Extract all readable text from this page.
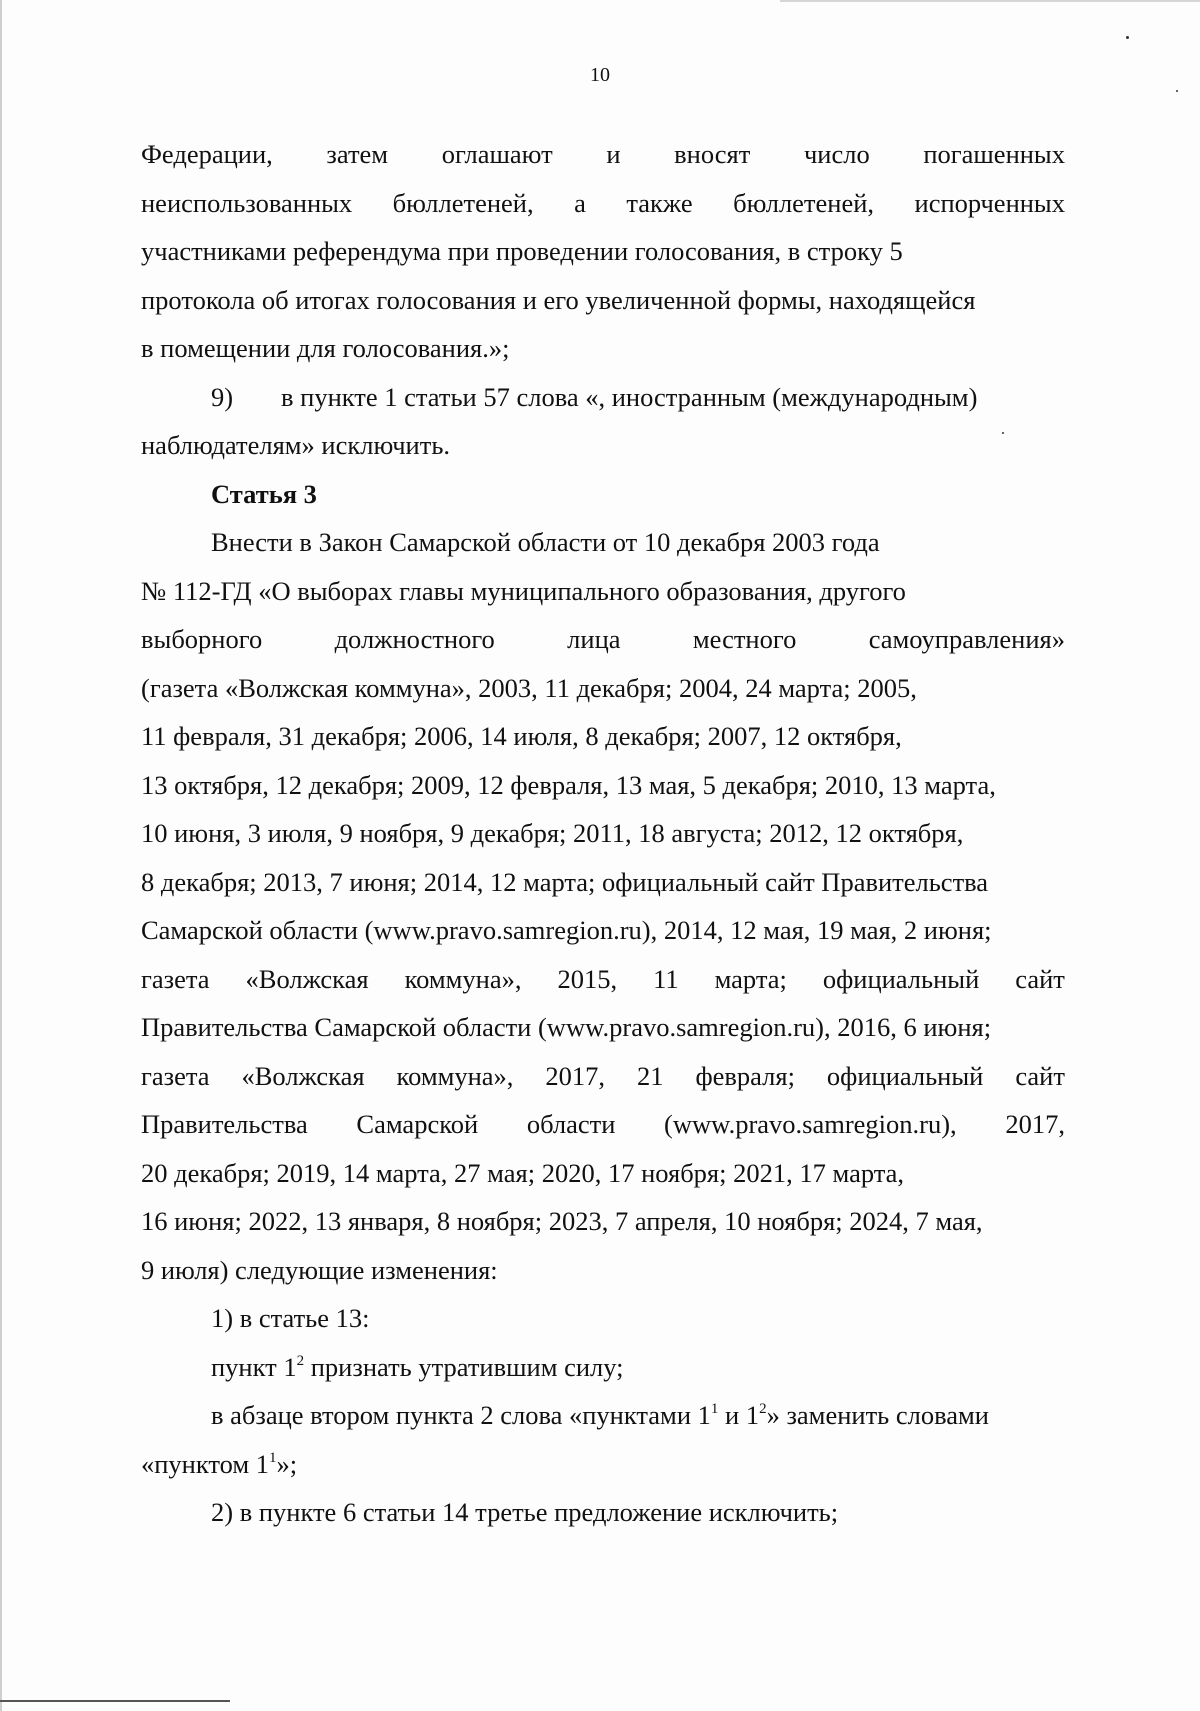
10
Федерации, затем оглашают и вносят число погашенных
неиспользованных бюллетеней, а также бюллетеней, испорченных
участниками референдума при проведении голосования, в строку 5
протокола об итогах голосования и его увеличенной формы, находящейся
в помещении для голосования.»;
9) в пункте 1 статьи 57 слова «, иностранным (международным)
наблюдателям» исключить.
Статья 3
Внести в Закон Самарской области от 10 декабря 2003 года
№ 112-ГД «О выборах главы муниципального образования, другого
выборного	должностного	лица	местного	самоуправления»
(газета «Волжская коммуна», 2003, 11 декабря; 2004, 24 марта; 2005,
11 февраля, 31 декабря; 2006, 14 июля, 8 декабря; 2007, 12 октября,
13 октября, 12 декабря; 2009, 12 февраля, 13 мая, 5 декабря; 2010, 13 марта,
10 июня, 3 июля, 9 ноября, 9 декабря; 2011, 18 августа; 2012, 12 октября,
8 декабря; 2013, 7 июня; 2014, 12 марта; официальный сайт Правительства
Самарской области (www.pravo.samregion.ru), 2014, 12 мая, 19 мая, 2 июня;
газета «Волжская коммуна», 2015, 11 марта; официальный сайт
Правительства Самарской области (www.pravo.samregion.ru), 2016, 6 июня;
газета «Волжская коммуна», 2017, 21 февраля; официальный сайт
Правительства Самарской области (www.pravo.samregion.ru), 2017,
20 декабря; 2019, 14 марта, 27 мая; 2020, 17 ноября; 2021, 17 марта,
16 июня; 2022, 13 января, 8 ноября; 2023, 7 апреля, 10 ноября; 2024, 7 мая,
9 июля) следующие изменения:
1) в статье 13:
пункт $1^2$ признать утратившим силу;
в абзаце втором пункта 2 слова «пунктами $1^1$ и $1^2$» заменить словами
«пунктом $1^1$»;
2) в пункте 6 статьи 14 третье предложение исключить;
